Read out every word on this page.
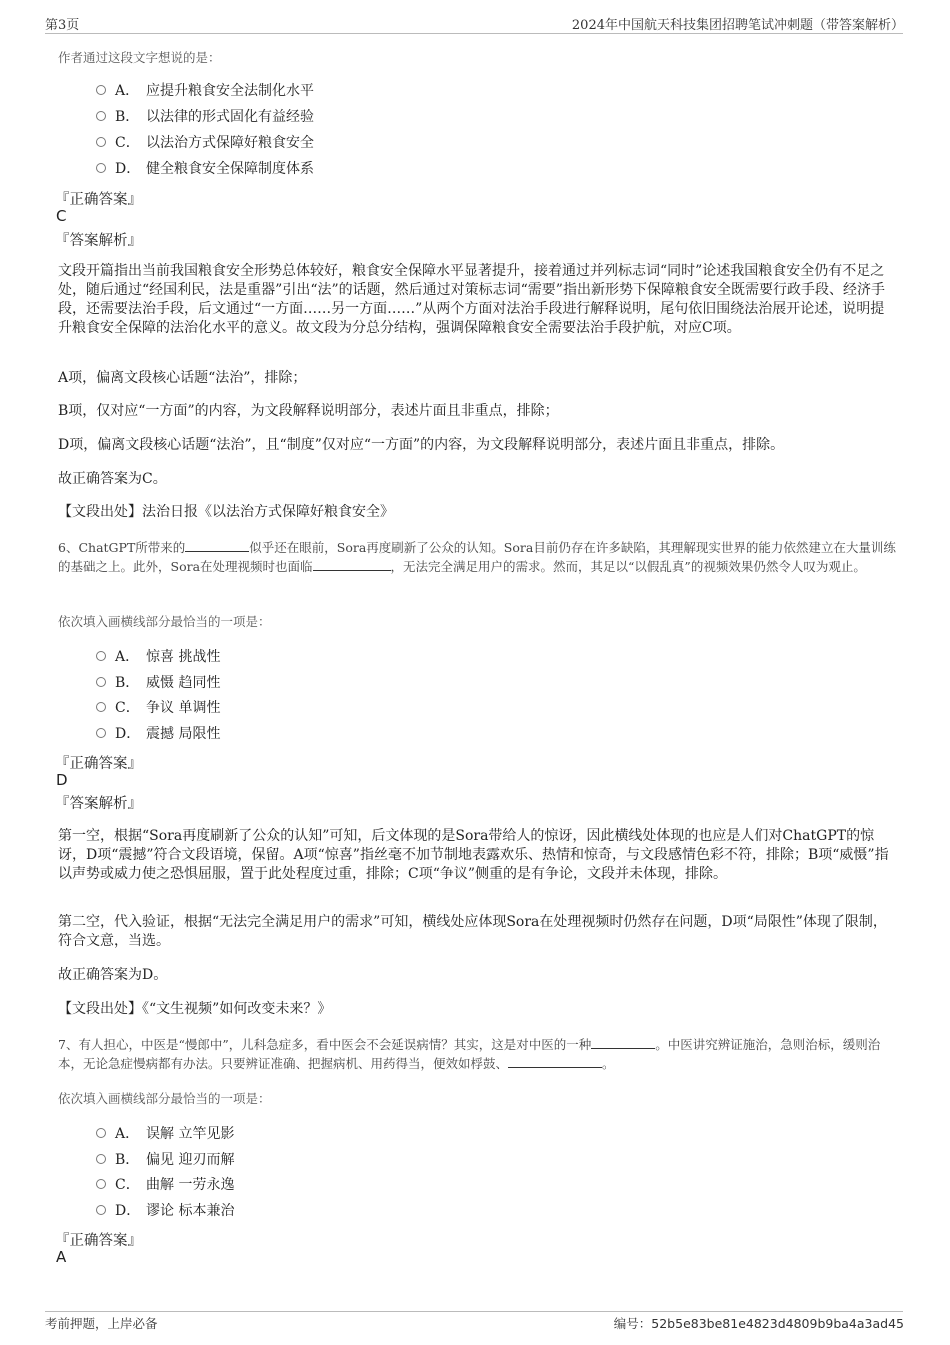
第3页	2024年中国航天科技集团招聘笔试冲刺题（带答案解析）
作者通过这段文字想说的是：
A． 应提升粮食安全法制化水平
B． 以法律的形式固化有益经验
C． 以法治方式保障好粮食安全
D． 健全粮食安全保障制度体系
『正确答案』
C
『答案解析』
文段开篇指出当前我国粮食安全形势总体较好，粮食安全保障水平显著提升，接着通过并列标志词“同时”论述我国粮食安全仍有不足之处，随后通过“经国利民，法是重器”引出“法”的话题，然后通过对策标志词“需要”指出新形势下保障粮食安全既需要行政手段、经济手段，还需要法治手段，后文通过“一方面……另一方面……”从两个方面对法治手段进行解释说明，尾句依旧围绕法治展开论述，说明提升粮食安全保障的法治化水平的意义。故文段为分总分结构，强调保障粮食安全需要法治手段护航，对应C项。
A项，偏离文段核心话题“法治”，排除；
B项，仅对应“一方面”的内容，为文段解释说明部分，表述片面且非重点，排除；
D项，偏离文段核心话题“法治”，且“制度”仅对应“一方面”的内容，为文段解释说明部分，表述片面且非重点，排除。
故正确答案为C。
【文段出处】法治日报《以法治方式保障好粮食安全》
6、ChatGPT所带来的	似乎还在眼前，Sora再度刷新了公众的认知。Sora目前仍存在许多缺陷，其理解现实世界的能力依然建立在大量训练的基础之上。此外，Sora在处理视频时也面临	，无法完全满足用户的需求。然而，其足以“以假乱真”的视频效果仍然令人叹为观止。
依次填入画横线部分最恰当的一项是：
A． 惊喜 挑战性
B． 威慑 趋同性
C． 争议 单调性
D． 震撼 局限性
『正确答案』
D
『答案解析』
第一空，根据“Sora再度刷新了公众的认知”可知，后文体现的是Sora带给人的惊讶，因此横线处体现的也应是人们对ChatGPT的惊讶，D项“震撼”符合文段语境，保留。A项“惊喜”指丝毫不加节制地表露欢乐、热情和惊奇，与文段感情色彩不符，排除；B项“威慑”指以声势或威力使之恐惧屈服，置于此处程度过重，排除；C项“争议”侧重的是有争论，文段并未体现，排除。
第二空，代入验证，根据“无法完全满足用户的需求”可知，横线处应体现Sora在处理视频时仍然存在问题，D项“局限性”体现了限制，符合文意，当选。
故正确答案为D。
【文段出处】《“文生视频”如何改变未来？》
7、有人担心，中医是“慢郎中”，儿科急症多，看中医会不会延误病情？其实，这是对中医的一种	。中医讲究辨证施治，急则治标，缓则治本，无论急症慢病都有办法。只要辨证准确、把握病机、用药得当，便效如桴鼓、	。
依次填入画横线部分最恰当的一项是：
A． 误解 立竿见影
B． 偏见 迎刃而解
C． 曲解 一劳永逸
D． 谬论 标本兼治
『正确答案』
A
考前押题，上岸必备	编号：52b5e83be81e4823d4809b9ba4a3ad45
